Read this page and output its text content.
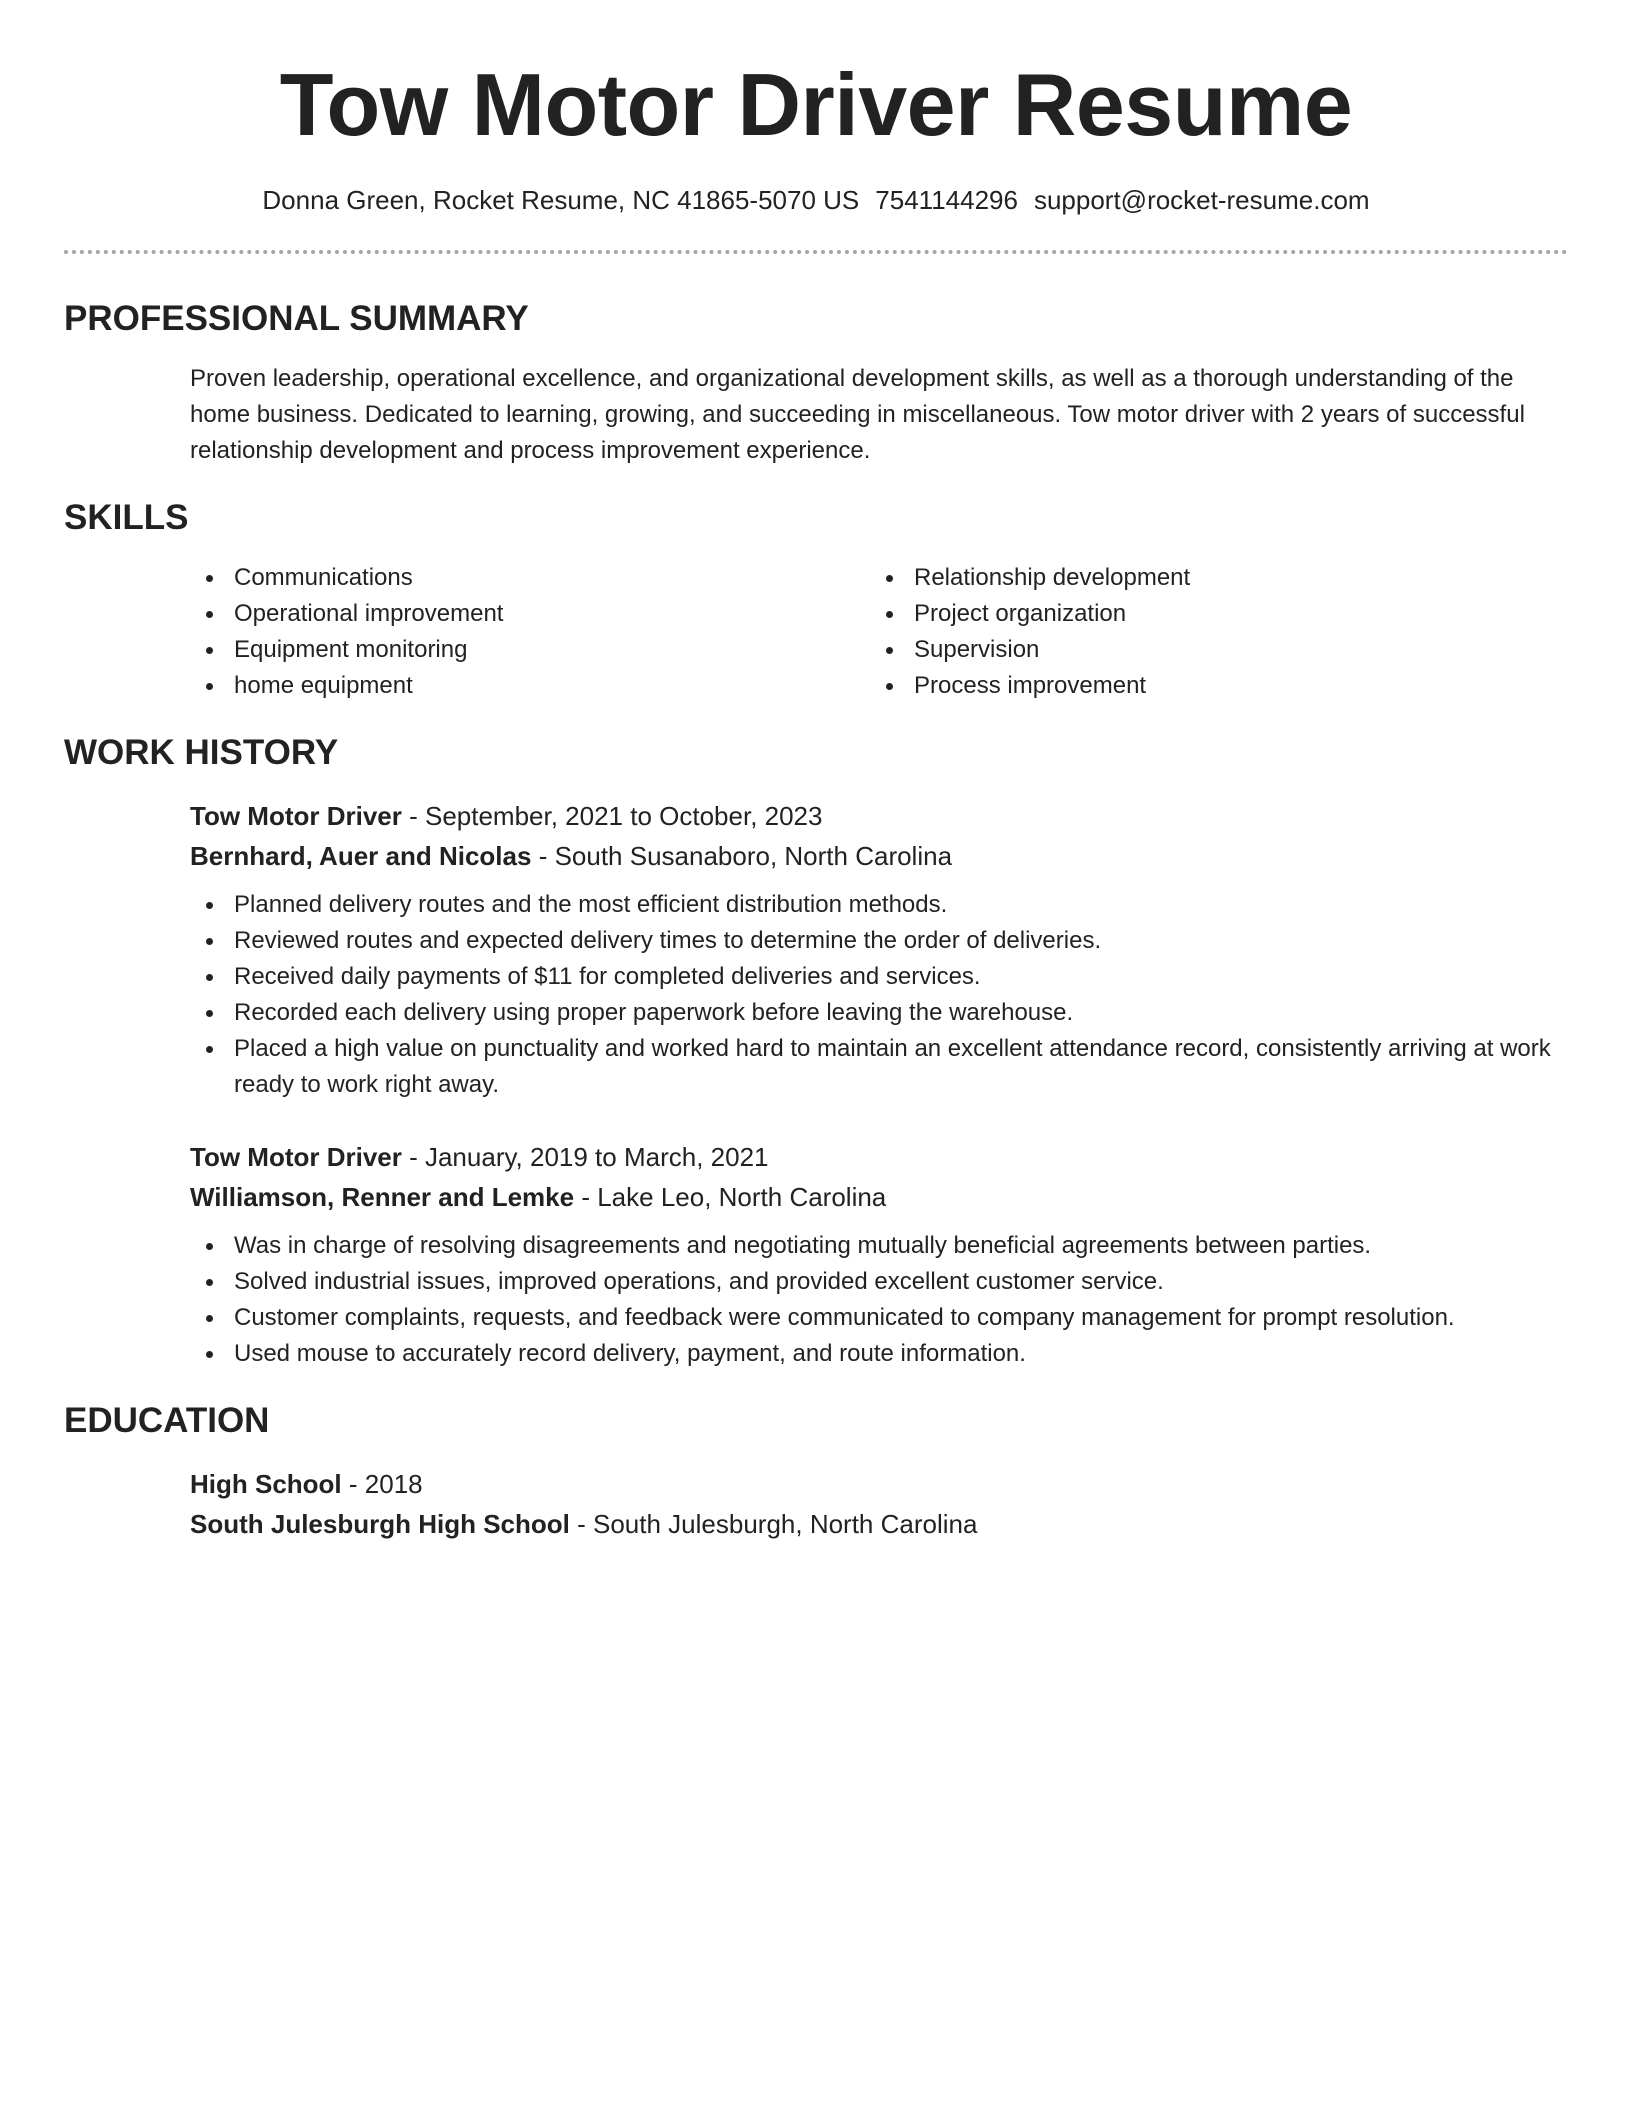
Tow Motor Driver Resume
Donna Green, Rocket Resume, NC 41865-5070 US 7541144296 support@rocket-resume.com
PROFESSIONAL SUMMARY
Proven leadership, operational excellence, and organizational development skills, as well as a thorough understanding of the home business. Dedicated to learning, growing, and succeeding in miscellaneous. Tow motor driver with 2 years of successful relationship development and process improvement experience.
SKILLS
Communications
Operational improvement
Equipment monitoring
home equipment
Relationship development
Project organization
Supervision
Process improvement
WORK HISTORY
Tow Motor Driver - September, 2021 to October, 2023
Bernhard, Auer and Nicolas - South Susanaboro, North Carolina
Planned delivery routes and the most efficient distribution methods.
Reviewed routes and expected delivery times to determine the order of deliveries.
Received daily payments of $11 for completed deliveries and services.
Recorded each delivery using proper paperwork before leaving the warehouse.
Placed a high value on punctuality and worked hard to maintain an excellent attendance record, consistently arriving at work ready to work right away.
Tow Motor Driver - January, 2019 to March, 2021
Williamson, Renner and Lemke - Lake Leo, North Carolina
Was in charge of resolving disagreements and negotiating mutually beneficial agreements between parties.
Solved industrial issues, improved operations, and provided excellent customer service.
Customer complaints, requests, and feedback were communicated to company management for prompt resolution.
Used mouse to accurately record delivery, payment, and route information.
EDUCATION
High School - 2018
South Julesburgh High School - South Julesburgh, North Carolina
